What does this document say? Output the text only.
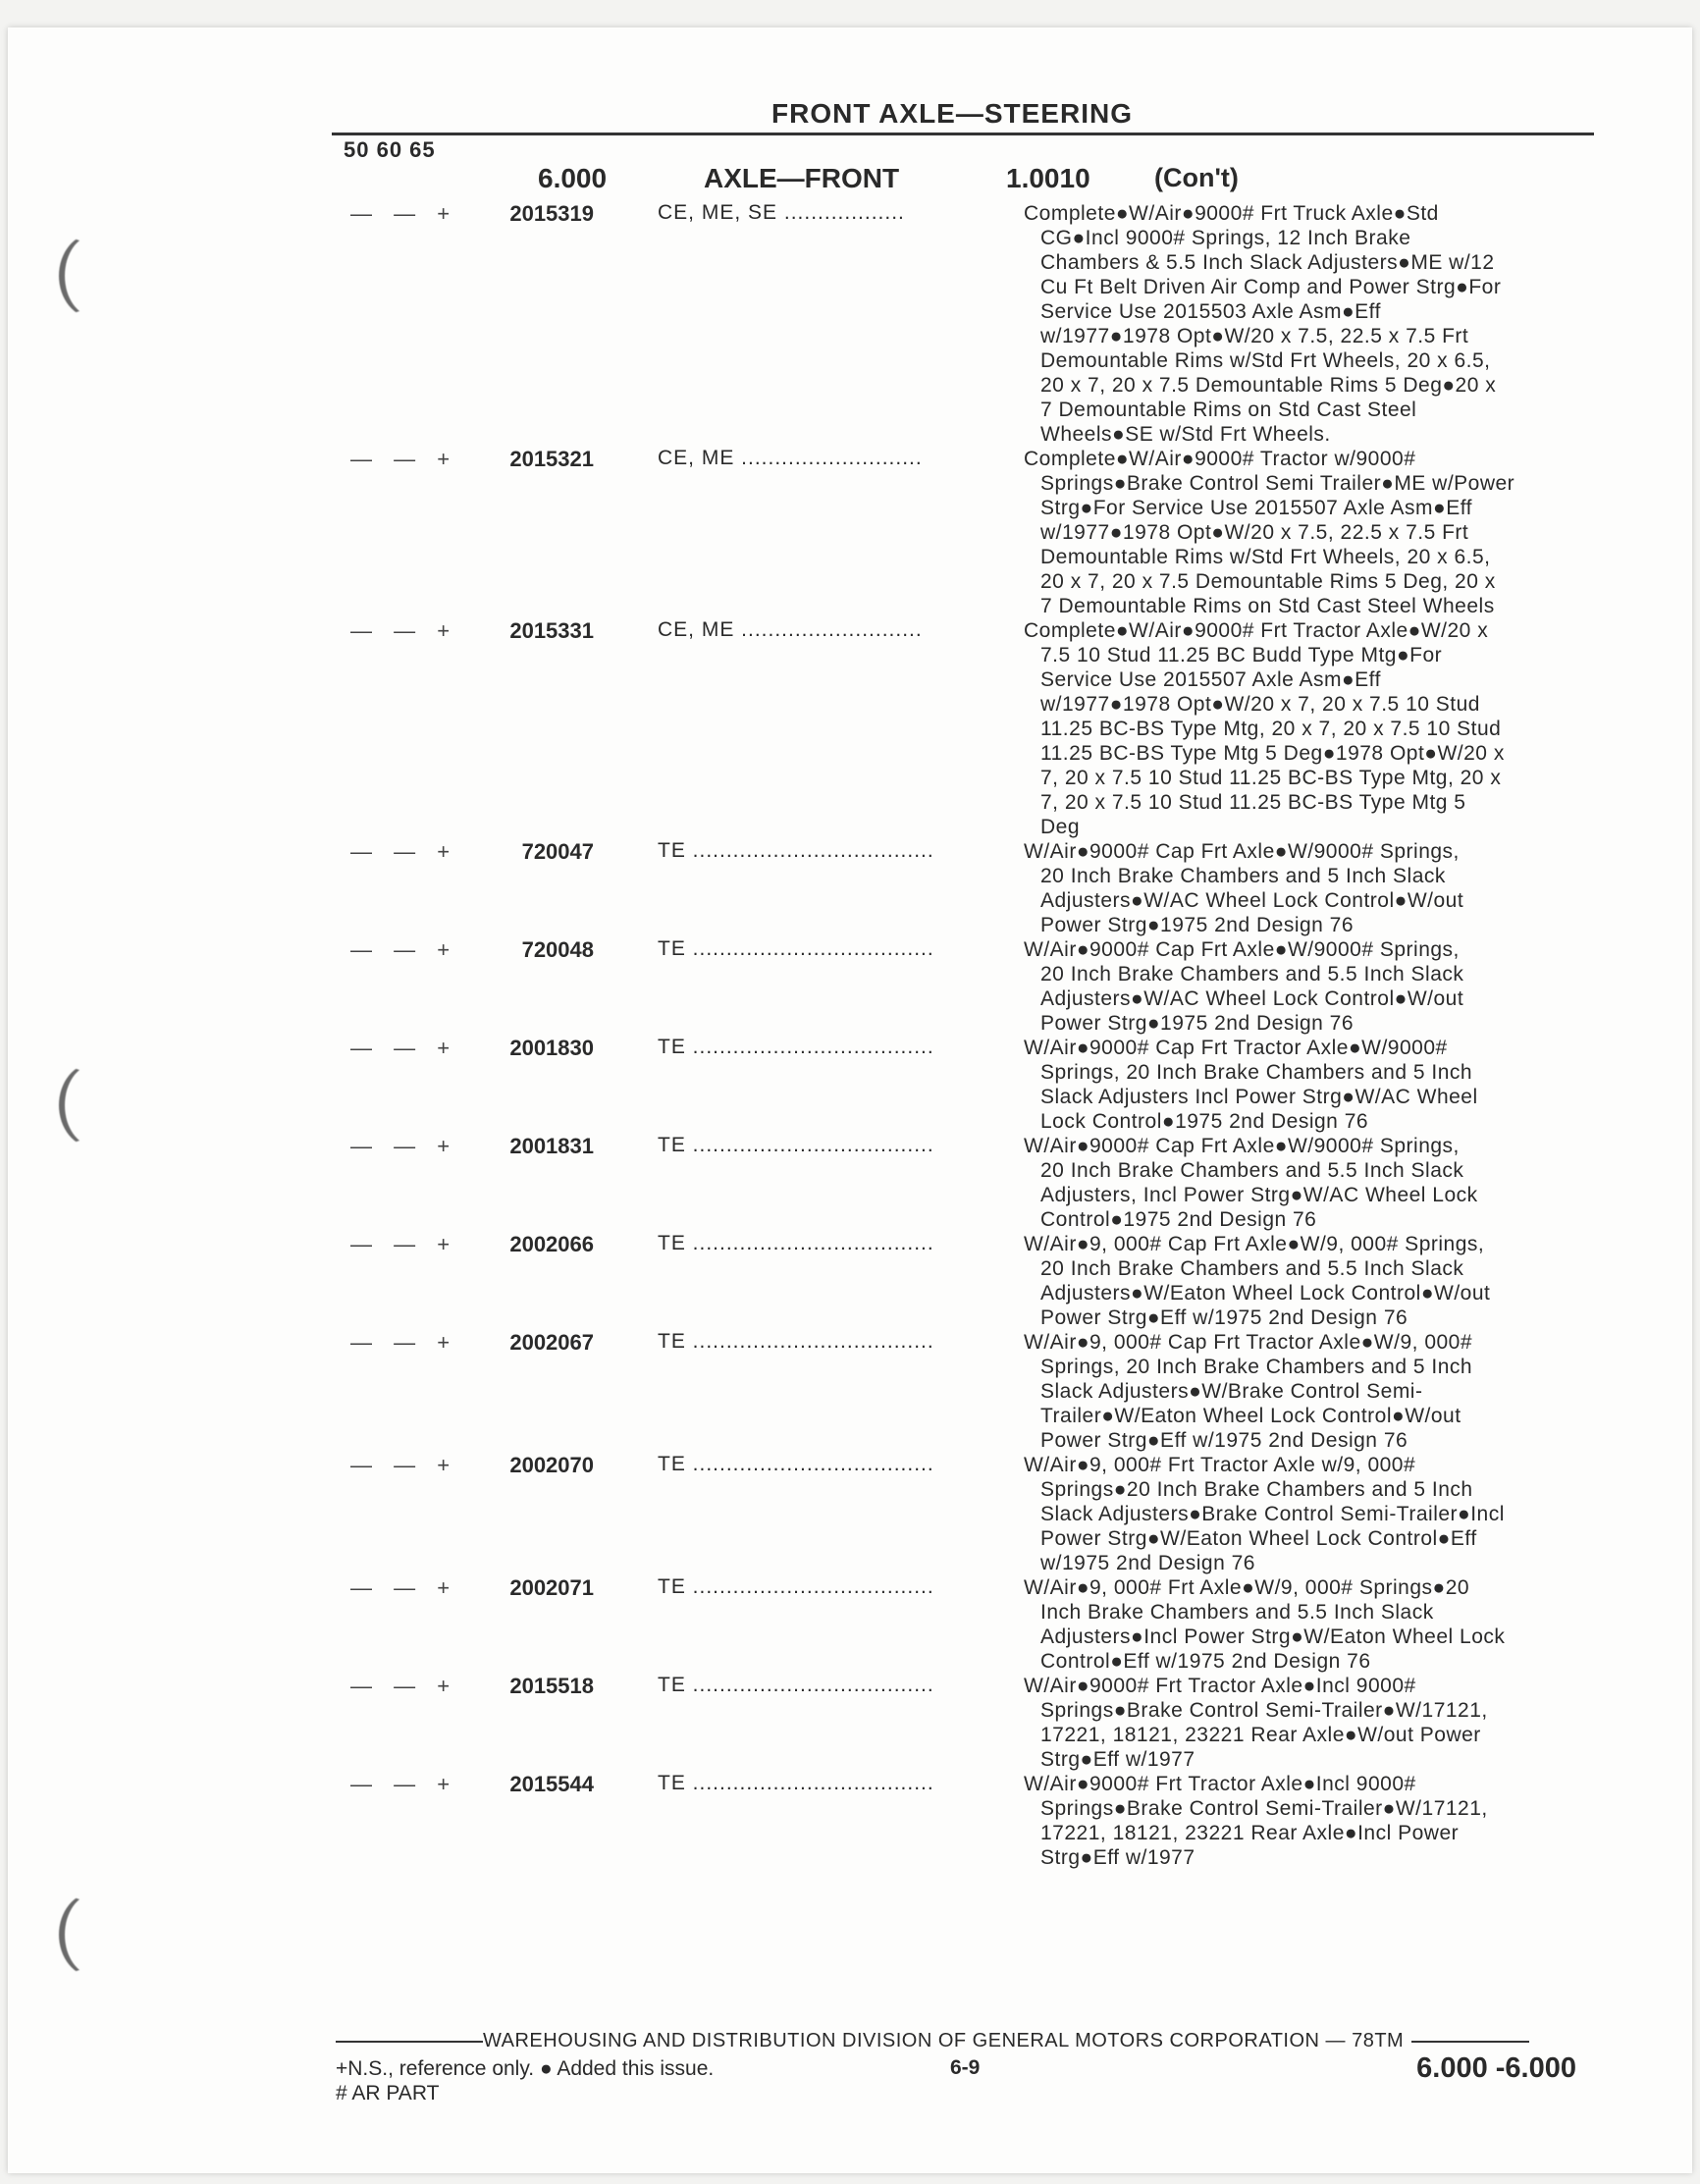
FRONT AXLE—STEERING
50 60 65
6.000	AXLE—FRONT	1.0010 (Con't)
— — +	2015319	CE, ME, SE ..................	Complete●W/Air●9000# Frt Truck Axle●Std
CG●Incl 9000# Springs, 12 Inch Brake
Chambers & 5.5 Inch Slack Adjusters●ME w/12
Cu Ft Belt Driven Air Comp and Power Strg●For
Service Use 2015503 Axle Asm●Eff
w/1977●1978 Opt●W/20 x 7.5, 22.5 x 7.5 Frt
Demountable Rims w/Std Frt Wheels, 20 x 6.5,
20 x 7, 20 x 7.5 Demountable Rims 5 Deg●20 x
7 Demountable Rims on Std Cast Steel
Wheels●SE w/Std Frt Wheels.
— — +	2015321	CE, ME ...........................	Complete●W/Air●9000# Tractor w/9000#
Springs●Brake Control Semi Trailer●ME w/Power
Strg●For Service Use 2015507 Axle Asm●Eff
w/1977●1978 Opt●W/20 x 7.5, 22.5 x 7.5 Frt
Demountable Rims w/Std Frt Wheels, 20 x 6.5,
20 x 7, 20 x 7.5 Demountable Rims 5 Deg, 20 x
7 Demountable Rims on Std Cast Steel Wheels
— — +	2015331	CE, ME ...........................	Complete●W/Air●9000# Frt Tractor Axle●W/20 x
7.5 10 Stud 11.25 BC Budd Type Mtg●For
Service Use 2015507 Axle Asm●Eff
w/1977●1978 Opt●W/20 x 7, 20 x 7.5 10 Stud
11.25 BC-BS Type Mtg, 20 x 7, 20 x 7.5 10 Stud
11.25 BC-BS Type Mtg 5 Deg●1978 Opt●W/20 x
7, 20 x 7.5 10 Stud 11.25 BC-BS Type Mtg, 20 x
7, 20 x 7.5 10 Stud 11.25 BC-BS Type Mtg 5
Deg
— — +	720047	TE ....................................	W/Air●9000# Cap Frt Axle●W/9000# Springs,
20 Inch Brake Chambers and 5 Inch Slack
Adjusters●W/AC Wheel Lock Control●W/out
Power Strg●1975 2nd Design 76
— — +	720048	TE ....................................	W/Air●9000# Cap Frt Axle●W/9000# Springs,
20 Inch Brake Chambers and 5.5 Inch Slack
Adjusters●W/AC Wheel Lock Control●W/out
Power Strg●1975 2nd Design 76
— — +	2001830	TE ....................................	W/Air●9000# Cap Frt Tractor Axle●W/9000#
Springs, 20 Inch Brake Chambers and 5 Inch
Slack Adjusters Incl Power Strg●W/AC Wheel
Lock Control●1975 2nd Design 76
— — +	2001831	TE ....................................	W/Air●9000# Cap Frt Axle●W/9000# Springs,
20 Inch Brake Chambers and 5.5 Inch Slack
Adjusters, Incl Power Strg●W/AC Wheel Lock
Control●1975 2nd Design 76
— — +	2002066	TE ....................................	W/Air●9, 000# Cap Frt Axle●W/9, 000# Springs,
20 Inch Brake Chambers and 5.5 Inch Slack
Adjusters●W/Eaton Wheel Lock Control●W/out
Power Strg●Eff w/1975 2nd Design 76
— — +	2002067	TE ....................................	W/Air●9, 000# Cap Frt Tractor Axle●W/9, 000#
Springs, 20 Inch Brake Chambers and 5 Inch
Slack Adjusters●W/Brake Control Semi-
Trailer●W/Eaton Wheel Lock Control●W/out
Power Strg●Eff w/1975 2nd Design 76
— — +	2002070	TE ....................................	W/Air●9, 000# Frt Tractor Axle w/9, 000#
Springs●20 Inch Brake Chambers and 5 Inch
Slack Adjusters●Brake Control Semi-Trailer●Incl
Power Strg●W/Eaton Wheel Lock Control●Eff
w/1975 2nd Design 76
— — +	2002071	TE ....................................	W/Air●9, 000# Frt Axle●W/9, 000# Springs●20
Inch Brake Chambers and 5.5 Inch Slack
Adjusters●Incl Power Strg●W/Eaton Wheel Lock
Control●Eff w/1975 2nd Design 76
— — +	2015518	TE ....................................	W/Air●9000# Frt Tractor Axle●Incl 9000#
Springs●Brake Control Semi-Trailer●W/17121,
17221, 18121, 23221 Rear Axle●W/out Power
Strg●Eff w/1977
— — +	2015544	TE ....................................	W/Air●9000# Frt Tractor Axle●Incl 9000#
Springs●Brake Control Semi-Trailer●W/17121,
17221, 18121, 23221 Rear Axle●Incl Power
Strg●Eff w/1977
WAREHOUSING AND DISTRIBUTION DIVISION OF GENERAL MOTORS CORPORATION — 78TM
+N.S., reference only. ● Added this issue.
# AR PART
6-9	6.000 -6.000
